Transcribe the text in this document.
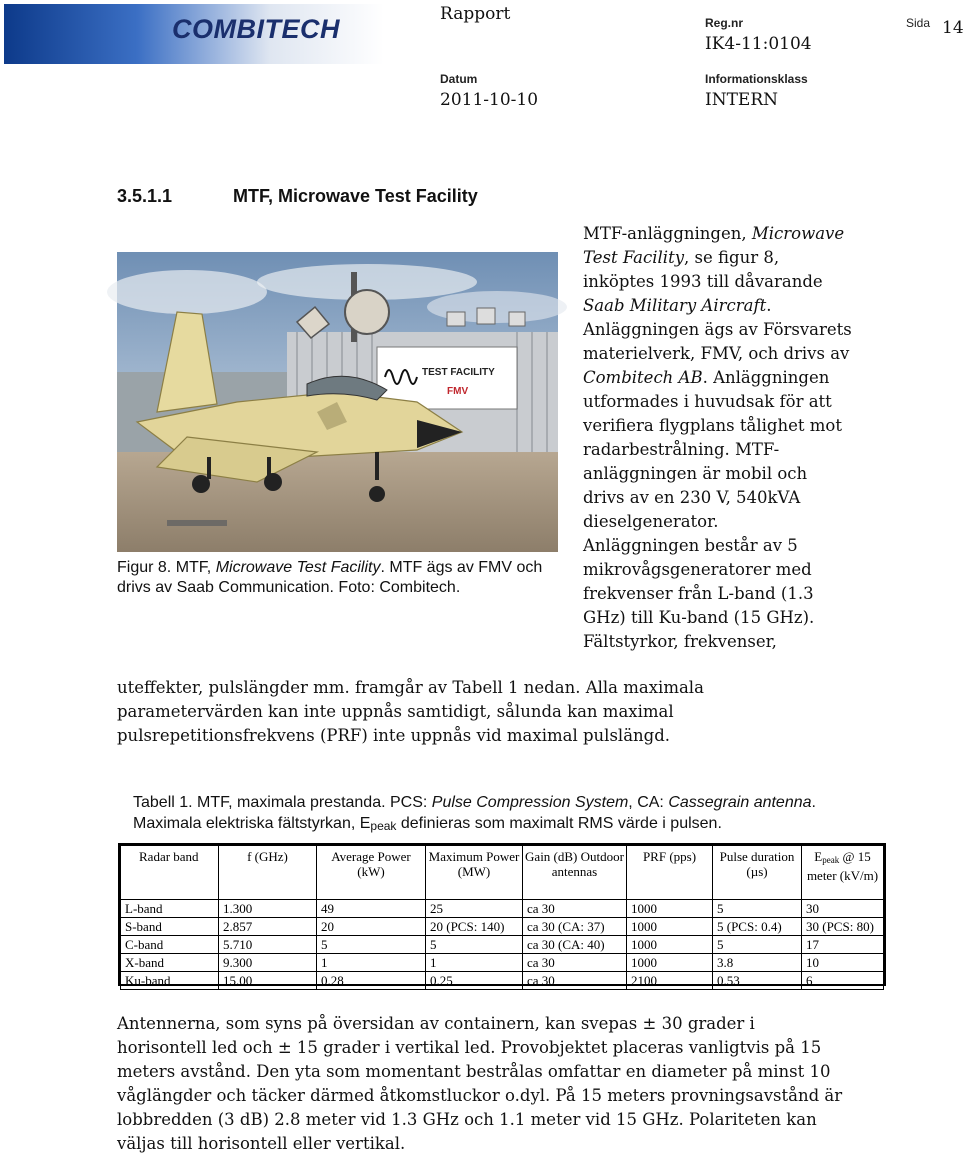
COMBITECH	Rapport	Reg.nr
IK4-11:0104
Sida 14
Datum
2011-10-10
Informationsklass
INTERN
3.5.1.1	MTF, Microwave Test Facility
TEST FACILITY
FMV
Figur 8. MTF, Microwave Test Facility. MTF ägs av FMV och drivs av Saab Communication. Foto: Combitech.

MTF-anläggningen, Microwave Test Facility, se figur 8, inköptes 1993 till dåvarande Saab Military Aircraft. Anläggningen ägs av Försvarets materielverk, FMV, och drivs av Combitech AB. Anläggningen utformades i huvudsak för att verifiera flygplans tålighet mot radarbestrålning. MTF-anläggningen är mobil och drivs av en 230 V, 540kVA dieselgenerator.

Anläggningen består av 5 mikrovågsgeneratorer med frekvenser från L-band (1.3 GHz) till Ku-band (15 GHz). Fältstyrkor, frekvenser,

uteffekter, pulslängder mm. framgår av Tabell 1 nedan. Alla maximala parametervärden kan inte uppnås samtidigt, sålunda kan maximal pulsrepetitionsfrekvens (PRF) inte uppnås vid maximal pulslängd.
Tabell 1. MTF, maximala prestanda. PCS: Pulse Compression System, CA: Cassegrain antenna.
Maximala elektriska fältstyrkan, Epeak definieras som maximalt RMS värde i pulsen.
Radar band	f (GHz)	Average Power (kW)	Maximum Power (MW)	Gain (dB) Outdoor antennas	PRF (pps)	Pulse duration (µs)	$E_{peak}$ @ 15 meter (kV/m)
L-band	1.300	49	25	ca 30	1000	5	30
S-band	2.857	20	20 (PCS: 140)	ca 30 (CA: 37)	1000	5 (PCS: 0.4)	30 (PCS: 80)
C-band	5.710	5	5	ca 30 (CA: 40)	1000	5	17
X-band	9.300	1	1	ca 30	1000	3.8	10
Ku-band	15.00	0.28	0.25	ca 30	2100	0.53	6
Antennerna, som syns på översidan av containern, kan svepas ± 30 grader i horisontell led och ± 15 grader i vertikal led. Provobjektet placeras vanligtvis på 15 meters avstånd. Den yta som momentant bestrålas omfattar en diameter på minst 10 våglängder och täcker därmed åtkomstluckor o.dyl. På 15 meters provningsavstånd är lobbredden (3 dB) 2.8 meter vid 1.3 GHz och 1.1 meter vid 15 GHz. Polariteten kan väljas till horisontell eller vertikal.
